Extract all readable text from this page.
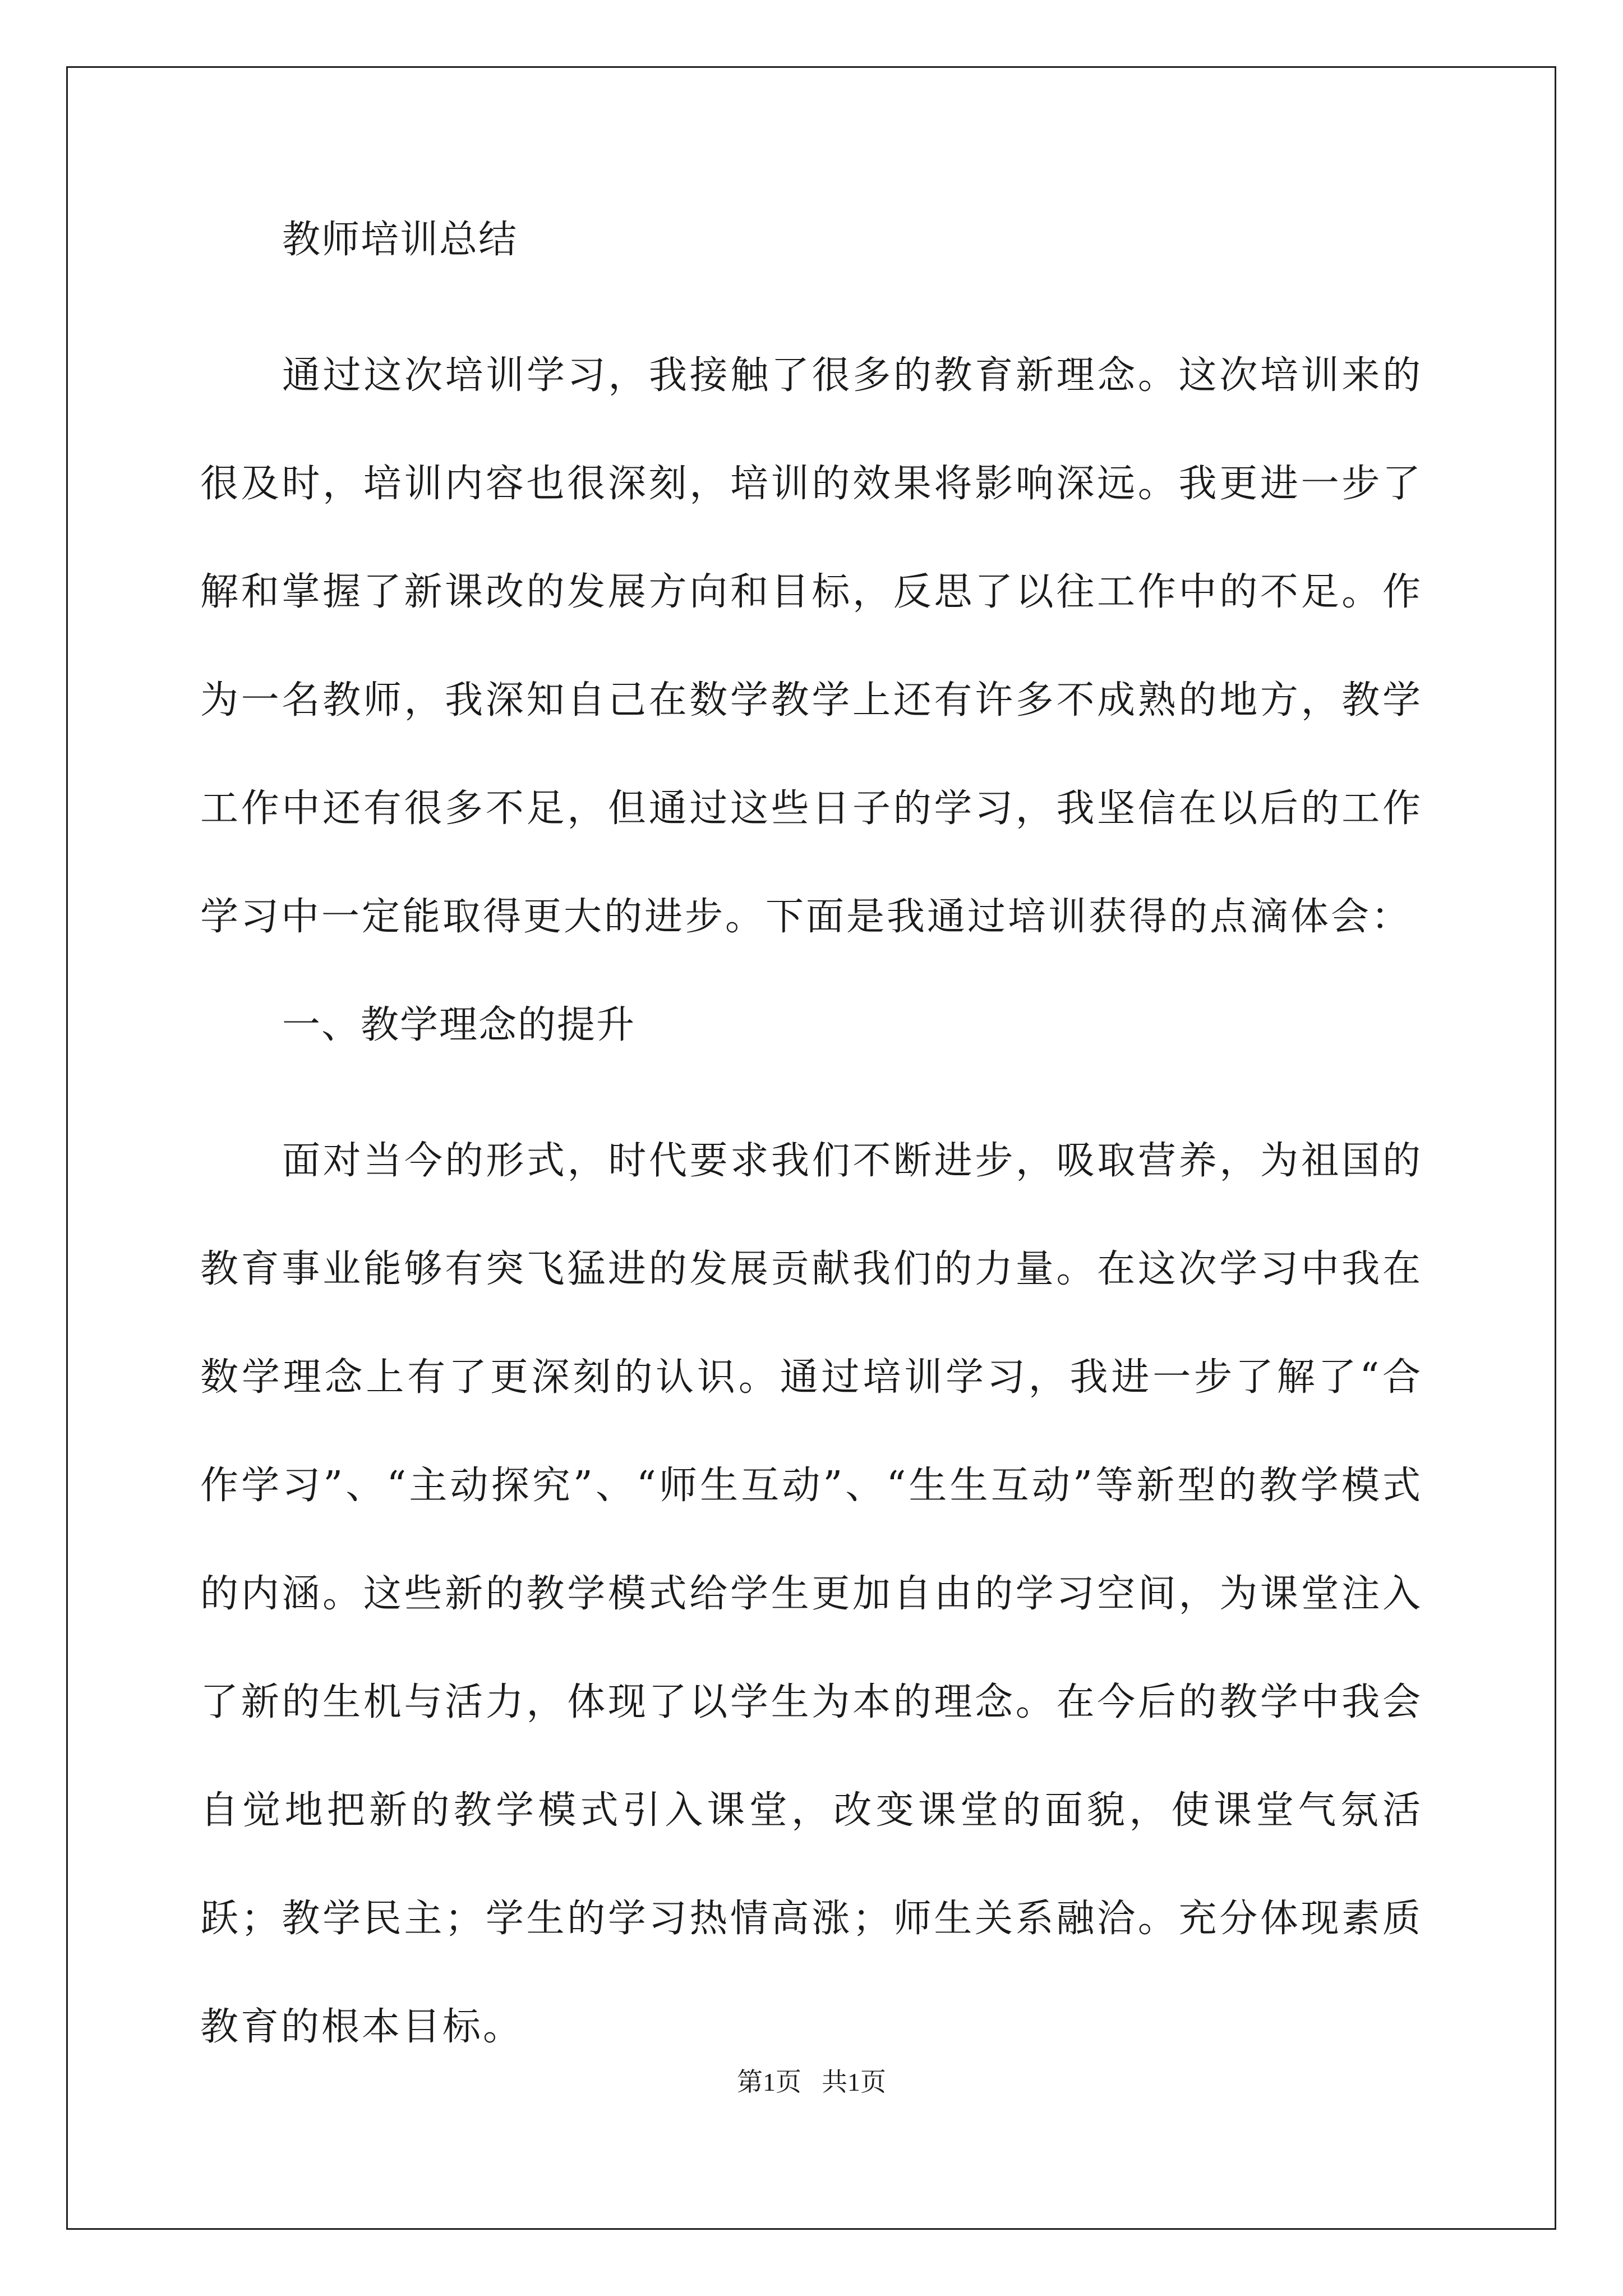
教师培训总结

通过这次培训学习，我接触了很多的教育新理念。这次培训来的很及时，培训内容也很深刻，培训的效果将影响深远。我更进一步了解和掌握了新课改的发展方向和目标，反思了以往工作中的不足。作为一名教师，我深知自己在数学教学上还有许多不成熟的地方，教学工作中还有很多不足，但通过这些日子的学习，我坚信在以后的工作学习中一定能取得更大的进步。下面是我通过培训获得的点滴体会：

一、教学理念的提升

面对当今的形式，时代要求我们不断进步，吸取营养，为祖国的教育事业能够有突飞猛进的发展贡献我们的力量。在这次学习中我在数学理念上有了更深刻的认识。通过培训学习，我进一步了解了“合作学习”、“主动探究”、“师生互动”、“生生互动”等新型的教学模式的内涵。这些新的教学模式给学生更加自由的学习空间，为课堂注入了新的生机与活力，体现了以学生为本的理念。在今后的教学中我会自觉地把新的教学模式引入课堂，改变课堂的面貌，使课堂气氛活跃；教学民主；学生的学习热情高涨；师生关系融洽。充分体现素质教育的根本目标。

第1页 共1页
